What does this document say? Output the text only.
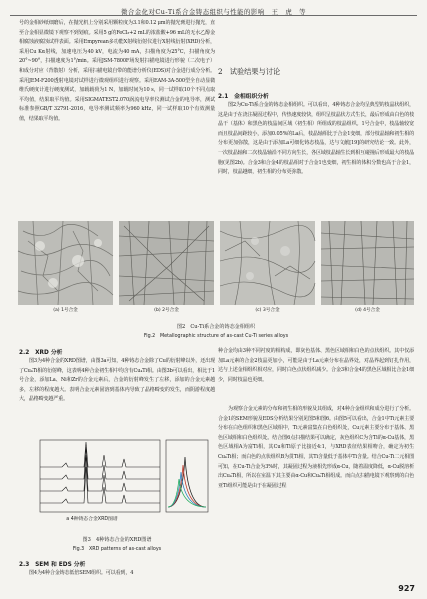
微合金化对Cu-Ti系合金铸态组织与性能的影响　王　虎　等

号的金相砂纸细磨后，在抛光机上分别采用颗粒度为3.1和0.12 μm的抛光膏进行抛光，直至合金相显微镜下观察不到划痕。采用5 g的FeCl₃+2 mL的浓盐酸+96 mL的无水乙醇金相腐蚀液腐蚀试样表面。采用Empyrean多功能X射线衍射仪进行X射线衍射(XRD)分析，采用Cu Kα射线，加速电压为40 kV，电流为40 mA，扫描角度为25°C，扫描角度为20°~90°，扫描速度为1°/min。采用JSM-7800F场发射扫描电镜进行形貌（二次电子）和成分对应（背散射）分析，采用扫描电镜自带的能谱分析仪(EDS)对合金进行成分分析。采用JEM-F200透射电镜对试样进行微观组织进行观察。采用EAM-3A-500型全自动显微维氏硬度计进行硬度测试，加载载荷为1 N，加载时间为10 s，同一试样取10个不同点取平均值，结果取平均值。采用SIGMATEST2.070涡流电导率仪测试合金的电导率，测试标准参照GB/T 32791-2016，电导率测试频率为960 kHz，同一试样取10个有效测量值，结果取平均值。

2　试验结果与讨论
2.1　金相组织分析

图2为Cu-Ti系合金的铸态金相组织。可以看出，4种铸态合金均呈典型的枝晶状组织，这是由于在浇注凝固过程中，传热速度较快，组织呈枝晶状方式生长，最后形成由白色的枝晶干（基体）和黑色的枝晶间区域（初生相）所组成的枝晶组织。1号合金中，枝晶轴较宽而且枝晶间距较小，添加0.05%的La后，枝晶轴相比于合金1变细，部分枝晶轴和初生相的分布更加弥散，这是由于添加La可细化铸态枝晶，达与文献[19]的研究结论一致。此外，一次枝晶轴和二次枝晶轴沿不同方向生长，各区域枝晶轴生长到相互碰撞后形成最大的枝晶胞(见图2b)。合金3和合金4的枝晶相对于合金1也变细，初生相的体积分数也高于合金1，同时，枝晶越细，初生相的分布更弥散。

(a) 1号合金	(b) 2号合金	(c) 3号合金	(d) 4号合金
图2　Cu-Ti系合金的铸态金相组织
Fig.2　Metallographic structure of as-cast Cu-Ti series alloys
2.2　XRD 分析

图3为4种合金的XRD图谱，由图3a可知，4种铸态合金除了Cu的衍射峰以外，还出现了Cu₄Ti相的衍射峰，这表明4种合金初生相中均含有Cu₄Ti相。由图3b可以看出，相比于1号合金，添加La、Ni和Zr的合金元素后，合金的衍射峰发生了左移，添加的合金元素越多，左移的程度越大。表明合金元素固溶到基体内导致了晶格畸变的发生，而阴游程度越大，晶格畸变越严重。

a 4种铸态合金XRD图谱
图3　4种铸态合金的XRD图谱
Fig.3　XRD patterns of as-cast alloys
2.3　SEM 和 EDS 分析

图4为4种合金铸态低倍SEM组织。可以看到，4

种合金均由3种不同衬度的相构成，即灰色基体、黑色区域相和白色的点状组织。其中仅添加La元素的合金2枝晶更加小，可能是由于La元素分布在晶界处，对晶界起到钉扎作用，达与上述金相组织相对应，同时白色点状组织减少。合金3和合金4的黑色区域相比合金1细少，同时枝晶也更细。

为观察合金元素的分布和初生相的形貌及其组成，对4种合金组织和成分进行了分析。合金1的SEM形貌及EDS分析结果分别见图5和图6。由图5可以看出，合金1中Ti元素主要分布在白色组织和黑色区域相中，Ti元素富集在白色组织处，Cu元素主要分布于基体、黑色区域相和白色组织处。结合图6点扫描结果可以确定，灰色组织C为含Ti的α-Cu基体，黑色区域相A为富Ti相，其Cu和Ti原子比接近4:1，与XRD表征结果相吻合，确定为初生Cu₄Ti相；而白色的点状组织B为贯Ti相，其Ti含量低于基体中Ti含量。结合Cu-Ti二元相图可知，在Cu-Ti合金为3%时，其凝固过程为液相先形成α-Cu，随着温度降低，α-Cu脱溶析出Cu₄Ti相，所以在室温下其主要由α-Cu和Cu₄Ti相组成。而白点扫描电镜下观察到的白色亚Ti组织可能是由于在凝固过程

927
